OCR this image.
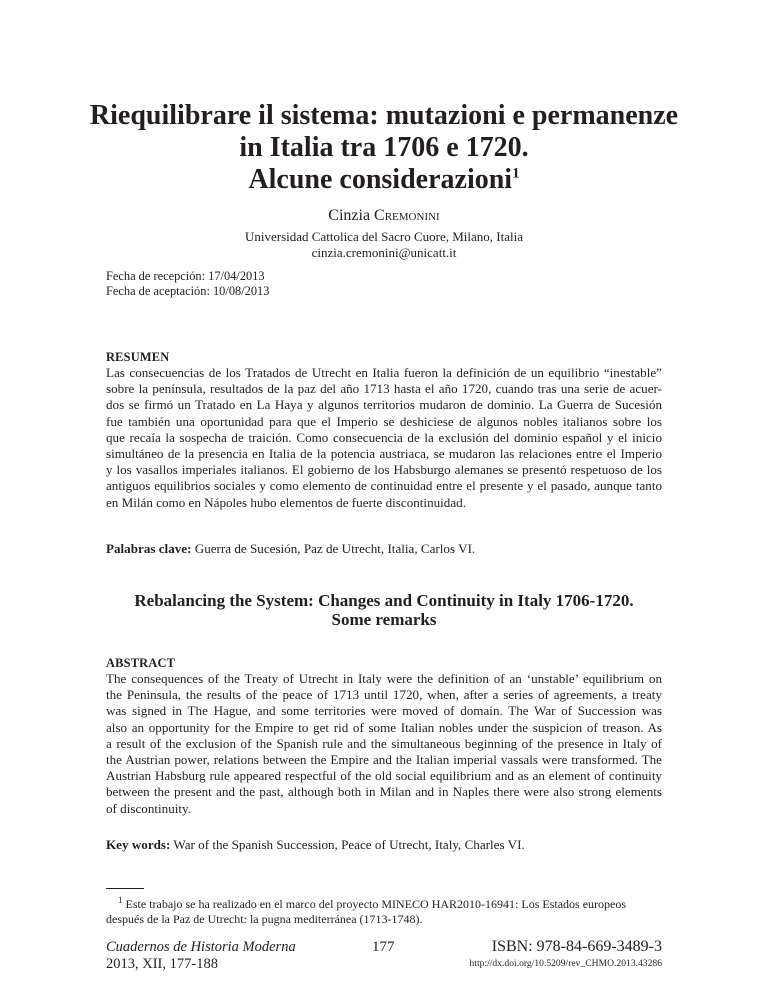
Riequilibrare il sistema: mutazioni e permanenze
in Italia tra 1706 e 1720.
Alcune considerazioni$^1$
Cinzia Cremonini
Universidad Cattolica del Sacro Cuore, Milano, Italia
cinzia.cremonini@unicatt.it
Fecha de recepción: 17/04/2013
Fecha de aceptación: 10/08/2013
RESUMEN
Las consecuencias de los Tratados de Utrecht en Italia fueron la definición de un equilibrio “inestable”
sobre la península, resultados de la paz del año 1713 hasta el año 1720, cuando tras una serie de acuer-
dos se firmó un Tratado en La Haya y algunos territorios mudaron de dominio. La Guerra de Sucesión
fue también una oportunidad para que el Imperio se deshiciese de algunos nobles italianos sobre los
que recaía la sospecha de traición. Como consecuencia de la exclusión del dominio español y el inicio
simultáneo de la presencia en Italia de la potencia austriaca, se mudaron las relaciones entre el Imperio
y los vasallos imperiales italianos. El gobierno de los Habsburgo alemanes se presentó respetuoso de los
antiguos equilibrios sociales y como elemento de continuidad entre el presente y el pasado, aunque tanto
en Milán como en Nápoles hubo elementos de fuerte discontinuidad.
Palabras clave: Guerra de Sucesión, Paz de Utrecht, Italia, Carlos VI.
Rebalancing the System: Changes and Continuity in Italy 1706-1720.
Some remarks
ABSTRACT
The consequences of the Treaty of Utrecht in Italy were the definition of an ‘unstable’ equilibrium on
the Peninsula, the results of the peace of 1713 until 1720, when, after a series of agreements, a treaty
was signed in The Hague, and some territories were moved of domain. The War of Succession was
also an opportunity for the Empire to get rid of some Italian nobles under the suspicion of treason. As
a result of the exclusion of the Spanish rule and the simultaneous beginning of the presence in Italy of
the Austrian power, relations between the Empire and the Italian imperial vassals were transformed. The
Austrian Habsburg rule appeared respectful of the old social equilibrium and as an element of continuity
between the present and the past, although both in Milan and in Naples there were also strong elements
of discontinuity.
Key words: War of the Spanish Succession, Peace of Utrecht, Italy, Charles VI.
$^1$ Este trabajo se ha realizado en el marco del proyecto MINECO HAR2010-16941: Los Estados europeos
después de la Paz de Utrecht: la pugna mediterránea (1713-1748).
Cuadernos de Historia Moderna
2013, XII, 177-188
177	ISBN: 978-84-669-3489-3
http://dx.doi.org/10.5209/rev_CHMO.2013.43286
